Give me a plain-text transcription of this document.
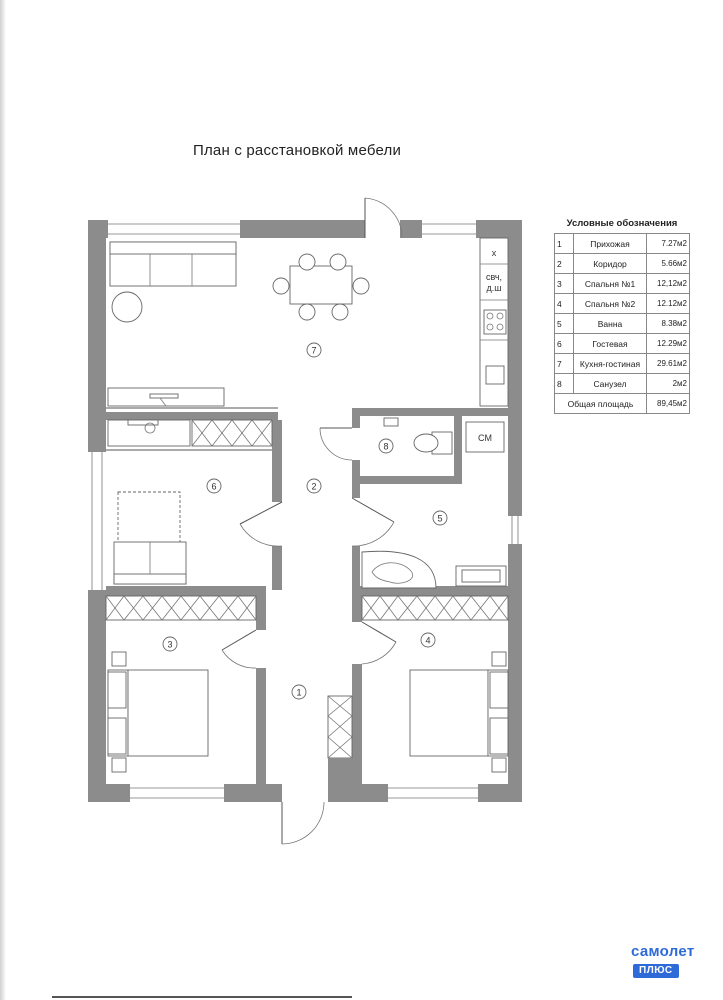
План с расстановкой мебели
х
свч,
д.ш
СМ
7
8
6	2
5
3	4
1
Условные обозначения
1	Прихожая	7.27м2
2	Коридор	5.66м2
3	Спальня №1	12,12м2
4	Спальня №2	12.12м2
5	Ванна	8.38м2
6	Гостевая	12.29м2
7	Кухня-гостиная	29.61м2
8	Санузел	2м2
Общая площадь		89,45м2
самолет
ПЛЮС
